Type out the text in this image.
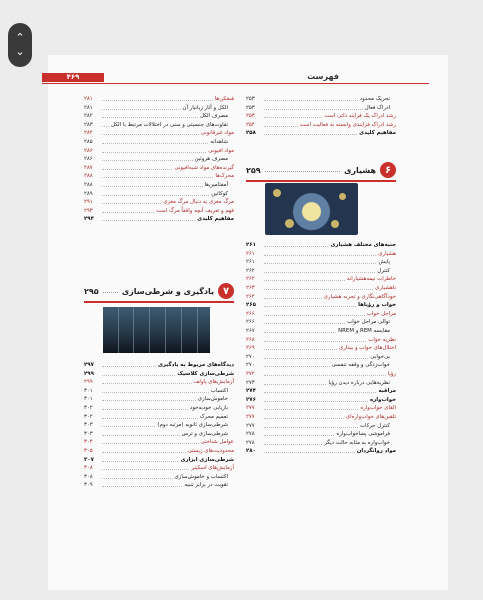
⌃
⌄
۴۶۹	فهرست
مُسَکن‌ها
۲۸۱
الکل و آثار زیانبار آن
۲۸۱
مصرف الکل
۲۸۲
تفاوت‌های جنسیتی و سنی در اختلالات مرتبط با الکل
۲۸۳
مواد غیرقانونی
۲۸۴
شاهدانه
۲۸۵
مواد افیونی
۲۸۶
مصرف هروئین
۲۸۶
گیرنده‌های مواد شبه‌افیونی
۲۸۷
محرک‌ها
۲۸۸
آمفتامین‌ها
۲۸۸
کوکائین
۲۸۹
مرگ مغزی به دنبال مرگ مغزی
۲۹۱
فهم و تعریف آنچه واقعاً مرگ است
۲۹۳
مفاهیم کلیدی
۲۹۴
۷
یادگیری و شرطی‌سازی
۲۹۵
دیدگاه‌های مربوط به یادگیری
۲۹۷
شرطی‌سازی کلاسیک
۲۹۹
آزمایش‌های پاولف
۲۹۹
اکتساب
۳۰۱
خاموش‌سازی
۳۰۱
بازیابی خودبه‌خود
۳۰۲
تعمیم محرک
۳۰۲
شرطی‌سازی ثانویه (مرتبه دوم)
۳۰۳
شرطی‌سازی و ترس
۳۰۳
عوامل شناختی
۳۰۴
محدودیت‌های زیستی
۳۰۵
شرطی‌سازی ابزاری
۳۰۷
آزمایش‌های اسکینر
۳۰۸
اکتساب و خاموش‌سازی
۳۰۸
تقویت در برابر تنبیه
۳۰۹
تحریک محدود
۲۵۳
ادراک فعال
۲۵۳
رشد ادراک یک فرایند ذاتی است
۲۵۳
رشد ادراک فرایندی وابسته به فعالیت است
۲۵۴
مفاهیم کلیدی
۲۵۸
۶
هشیاری
۲۵۹
جنبه‌های مختلف هشیاری
۲۶۱
هشیاری
۲۶۱
پایش
۲۶۱
کنترل
۲۶۲
خاطرات نیمه‌هشیارانه
۲۶۲
ناهشیاری
۲۶۳
خودآگاهی‌نگاری و تجربه هشیاری
۲۶۴
خواب و رؤیاها
۲۶۵
مراحل خواب
۲۶۶
توالی مراحل خواب
۲۶۶
مقایسه REM و NREM
۲۶۷
نظریه خواب
۲۶۸
اختلال‌های خواب و بیداری
۲۶۹
بی‌خوابی
۲۷۰
خواب‌زدگی و وقفه تنفسی
۲۷۰
رؤیا
۲۷۲
نظریه‌هایی درباره دیدن رؤیا
۲۷۳
مراقبه
۲۷۴
خواب‌واره
۲۷۶
القای خواب‌واره
۲۷۷
تلقین‌های خواب‌واره‌ای
۲۷۷
کنترل حرکات
۲۷۷
فراموشی پساخواب‌واره
۲۷۸
خواب‌واره به مثابه حالت دیگر
۲۷۸
مواد روانگردان
۲۸۰
